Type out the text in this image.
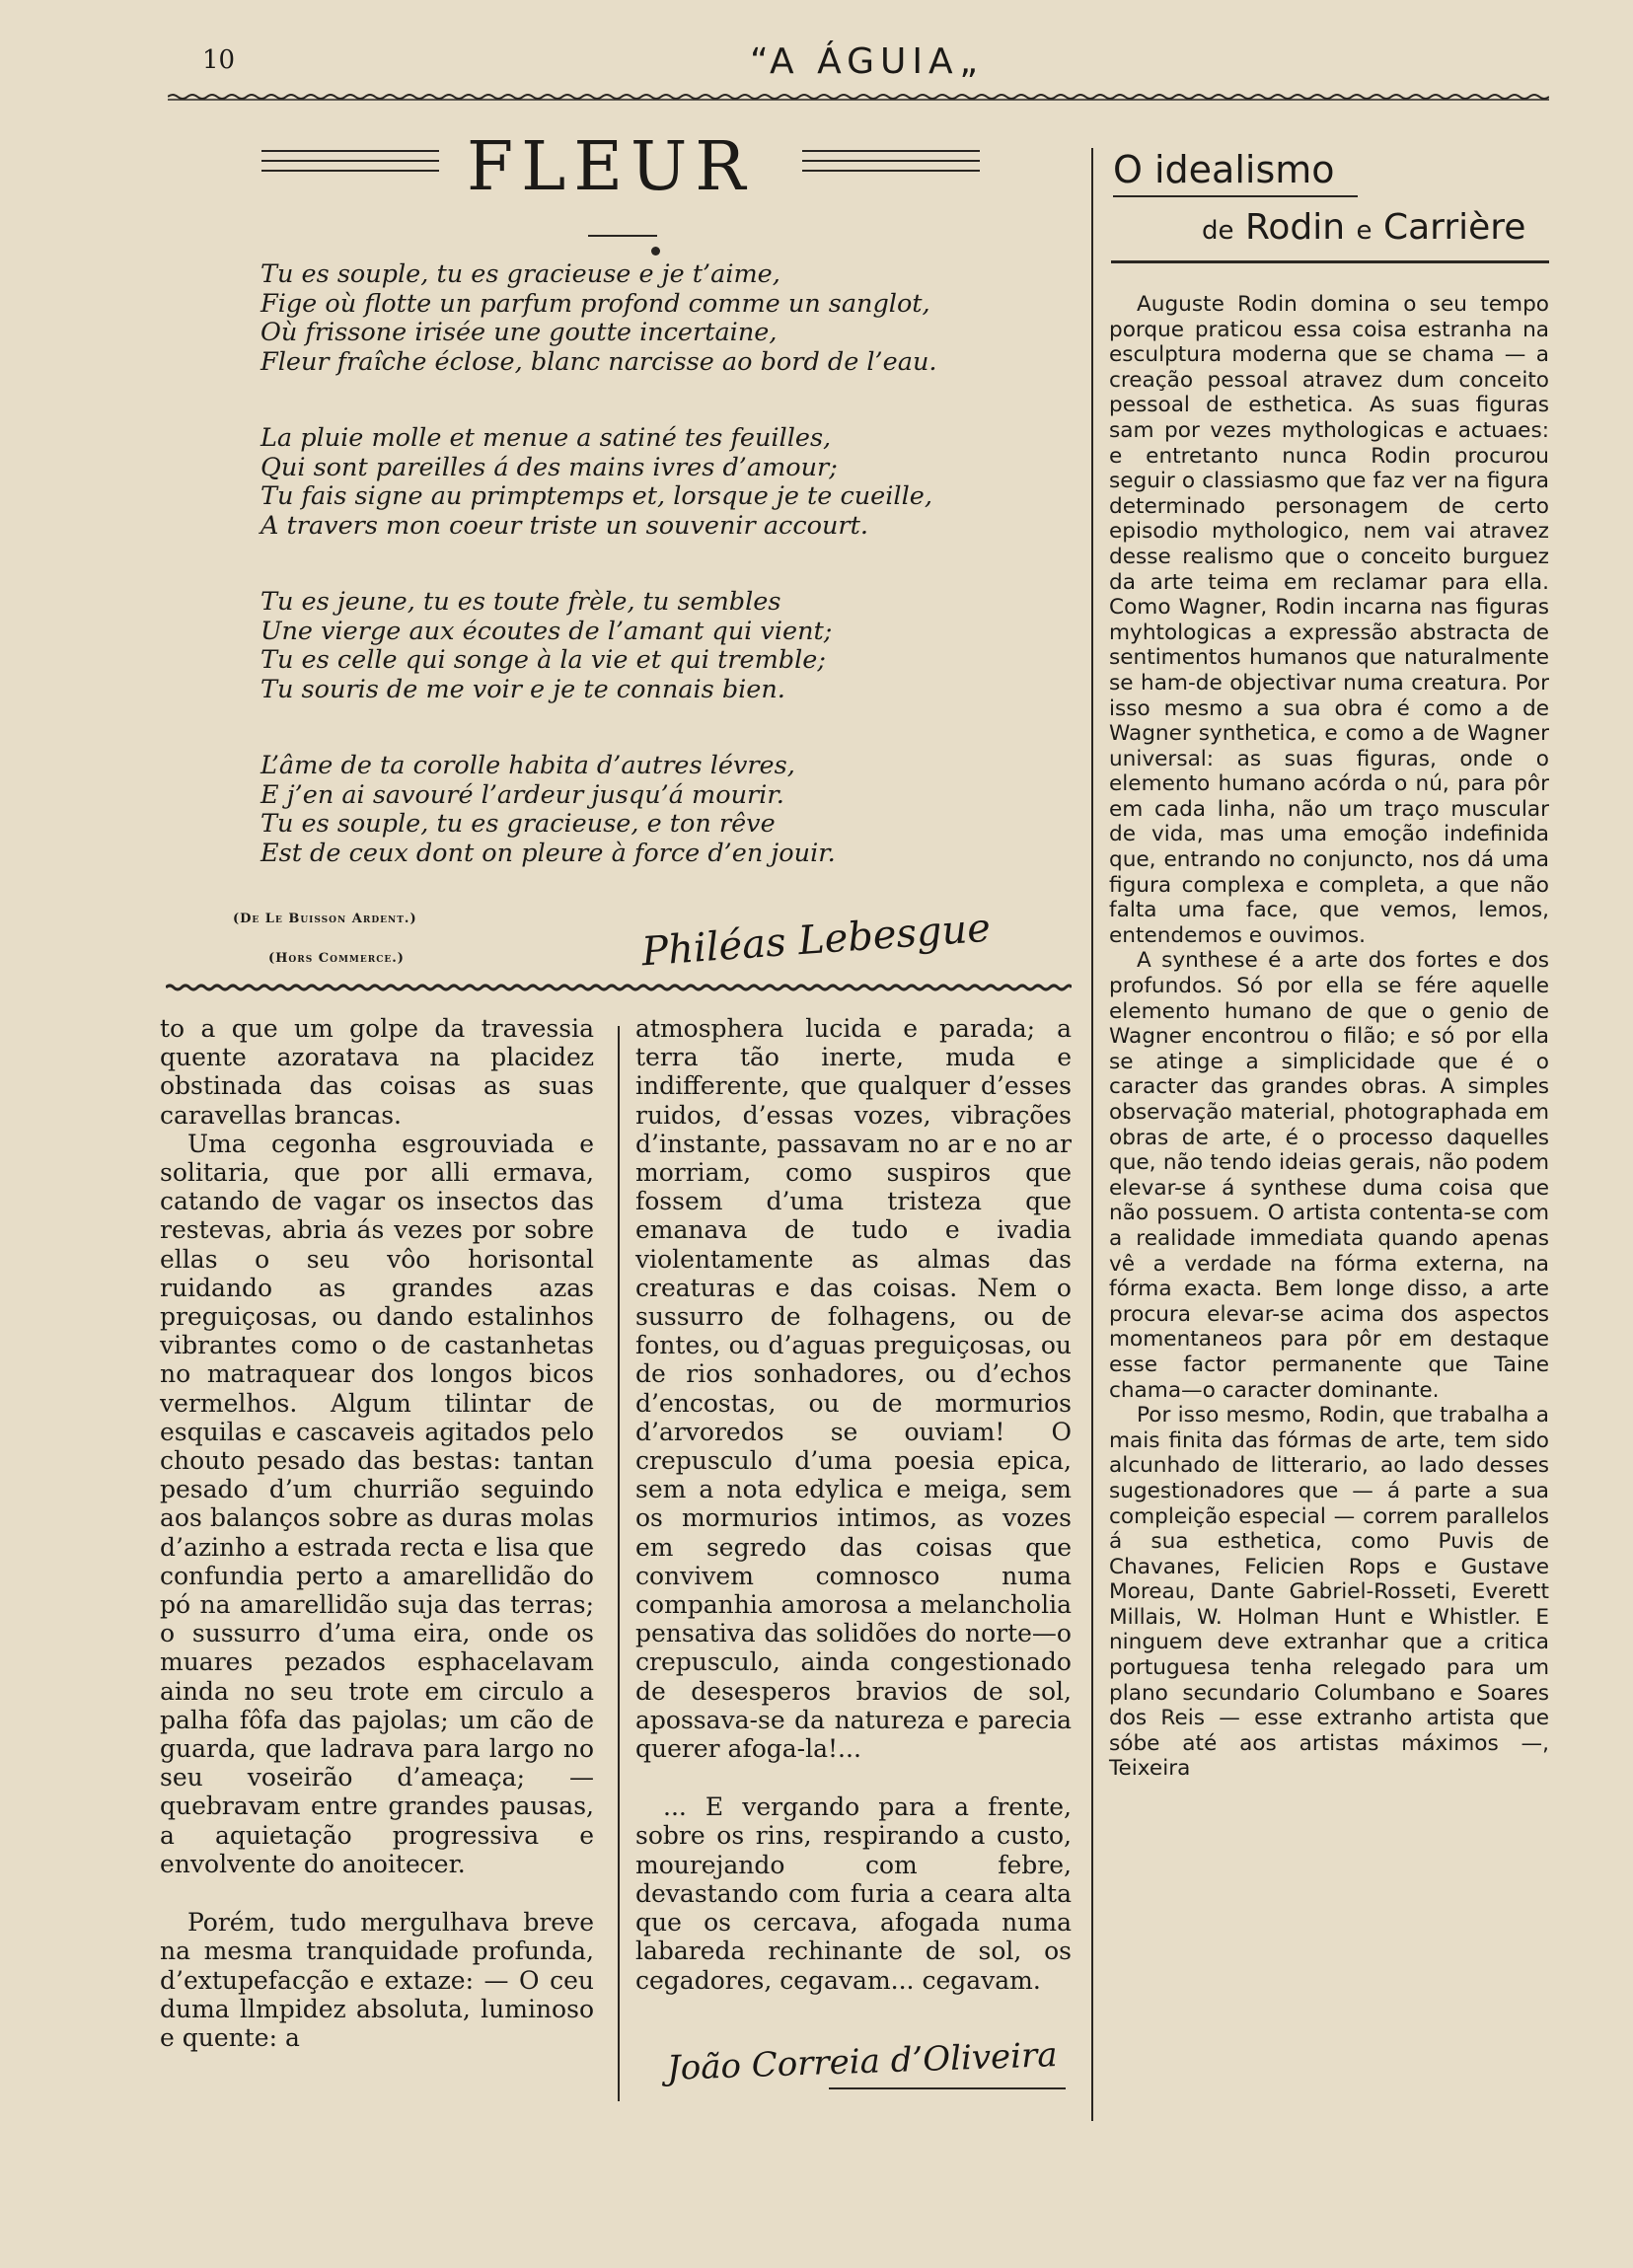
10	“A ÁGUIA„
FLEUR

Tu es souple, tu es gracieuse e je t’aime,

Fige où flotte un parfum profond comme un sanglot,

Où frissone irisée une goutte incertaine,

Fleur fraîche éclose, blanc narcisse ao bord de l’eau.

La pluie molle et menue a satiné tes feuilles,

Qui sont pareilles á des mains ivres d’amour;

Tu fais signe au primptemps et, lorsque je te cueille,

A travers mon coeur triste un souvenir accourt.

Tu es jeune, tu es toute frèle, tu sembles

Une vierge aux écoutes de l’amant qui vient;

Tu es celle qui songe à la vie et qui tremble;

Tu souris de me voir e je te connais bien.

L’âme de ta corolle habita d’autres lévres,

E j’en ai savouré l’ardeur jusqu’á mourir.

Tu es souple, tu es gracieuse, e ton rêve

Est de ceux dont on pleure à force d’en jouir.

(De Le Buisson Ardent.)
(Hors Commerce.)	Philéas Lebesgue

to a que um golpe da travessia quente azoratava na placidez obstinada das coisas as suas caravellas brancas.

Uma cegonha esgrouviada e solitaria, que por alli ermava, catando de vagar os insectos das restevas, abria ás vezes por sobre ellas o seu vôo horisontal ruidando as grandes azas preguiçosas, ou dando estalinhos vibrantes como o de castanhetas no matraquear dos longos bicos vermelhos. Algum tilintar de esquilas e cascaveis agitados pelo chouto pesado das bestas: tantan pesado d’um churrião seguindo aos balanços sobre as duras molas d’azinho a estrada recta e lisa que confundia perto a amarellidão do pó na amarellidão suja das terras; o sussurro d’uma eira, onde os muares pezados esphacelavam ainda no seu trote em circulo a palha fôfa das pajolas; um cão de guarda, que ladrava para largo no seu voseirão d’ameaça; — quebravam entre grandes pausas, a aquietação progressiva e envolvente do anoitecer.

Porém, tudo mergulhava breve na mesma tranquidade profunda, d’extupefacção e extaze: — O ceu duma llmpidez absoluta, luminoso e quente: a

atmosphera lucida e parada; a terra tão inerte, muda e indifferente, que qualquer d’esses ruidos, d’essas vozes, vibrações d’instante, passavam no ar e no ar morriam, como suspiros que fossem d’uma tristeza que emanava de tudo e ivadia violentamente as almas das creaturas e das coisas. Nem o sussurro de folhagens, ou de fontes, ou d’aguas preguiçosas, ou de rios sonhadores, ou d’echos d’encostas, ou de mormurios d’arvoredos se ouviam! O crepusculo d’uma poesia epica, sem a nota edylica e meiga, sem os mormurios intimos, as vozes em segredo das coisas que convivem comnosco numa companhia amorosa a melancholia pensativa das solidões do norte—o crepusculo, ainda congestionado de desesperos bravios de sol, apossava-se da natureza e parecia querer afoga-la!...

... E vergando para a frente, sobre os rins, respirando a custo, mourejando com febre, devastando com furia a ceara alta que os cercava, afogada numa labareda rechinante de sol, os cegadores, cegavam... cegavam.

João Correia d’Oliveira
O idealismo
de Rodin e Carrière

Auguste Rodin domina o seu tempo porque praticou essa coisa estranha na esculptura moderna que se chama — a creação pessoal atravez dum conceito pessoal de esthetica. As suas figuras sam por vezes mythologicas e actuaes: e entretanto nunca Rodin procurou seguir o classiasmo que faz ver na figura determinado personagem de certo episodio mythologico, nem vai atravez desse realismo que o conceito burguez da arte teima em reclamar para ella. Como Wagner, Rodin incarna nas figuras myhtologicas a expressão abstracta de sentimentos humanos que naturalmente se ham-de objectivar numa creatura. Por isso mesmo a sua obra é como a de Wagner synthetica, e como a de Wagner universal: as suas figuras, onde o elemento humano acórda o nú, para pôr em cada linha, não um traço muscular de vida, mas uma emoção indefinida que, entrando no conjuncto, nos dá uma figura complexa e completa, a que não falta uma face, que vemos, lemos, entendemos e ouvimos.

A synthese é a arte dos fortes e dos profundos. Só por ella se fére aquelle elemento humano de que o genio de Wagner encontrou o filão; e só por ella se atinge a simplicidade que é o caracter das grandes obras. A simples observação material, photographada em obras de arte, é o processo daquelles que, não tendo ideias gerais, não podem elevar-se á synthese duma coisa que não possuem. O artista contenta-se com a realidade immediata quando apenas vê a verdade na fórma externa, na fórma exacta. Bem longe disso, a arte procura elevar-se acima dos aspectos momentaneos para pôr em destaque esse factor permanente que Taine chama—o caracter dominante.

Por isso mesmo, Rodin, que trabalha a mais finita das fórmas de arte, tem sido alcunhado de litterario, ao lado desses sugestionadores que — á parte a sua compleição especial — correm parallelos á sua esthetica, como Puvis de Chavanes, Felicien Rops e Gustave Moreau, Dante Gabriel-Rosseti, Everett Millais, W. Holman Hunt e Whistler. E ninguem deve extranhar que a critica portuguesa tenha relegado para um plano secundario Columbano e Soares dos Reis — esse extranho artista que sóbe até aos artistas máximos —, Teixeira
